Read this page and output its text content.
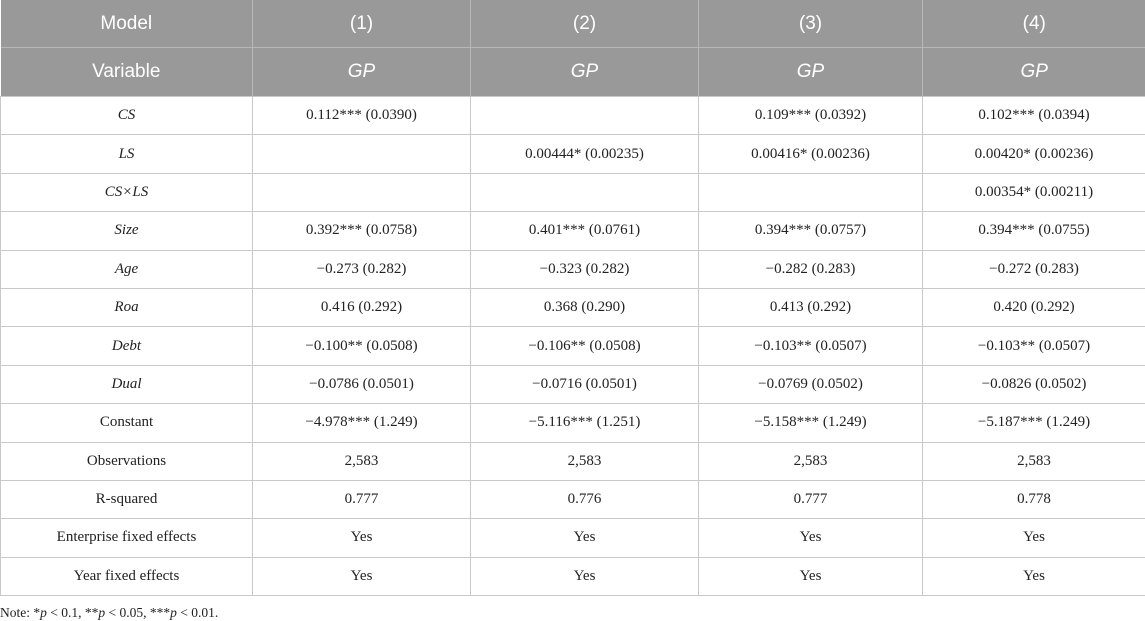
Model	(1)	(2)	(3)	(4)
Variable	GP	GP	GP	GP
CS	0.112*** (0.0390)		0.109*** (0.0392)	0.102*** (0.0394)
LS		0.00444* (0.00235)	0.00416* (0.00236)	0.00420* (0.00236)
CS×LS				0.00354* (0.00211)
Size	0.392*** (0.0758)	0.401*** (0.0761)	0.394*** (0.0757)	0.394*** (0.0755)
Age	−0.273 (0.282)	−0.323 (0.282)	−0.282 (0.283)	−0.272 (0.283)
Roa	0.416 (0.292)	0.368 (0.290)	0.413 (0.292)	0.420 (0.292)
Debt	−0.100** (0.0508)	−0.106** (0.0508)	−0.103** (0.0507)	−0.103** (0.0507)
Dual	−0.0786 (0.0501)	−0.0716 (0.0501)	−0.0769 (0.0502)	−0.0826 (0.0502)
Constant	−4.978*** (1.249)	−5.116*** (1.251)	−5.158*** (1.249)	−5.187*** (1.249)
Observations	2,583	2,583	2,583	2,583
R-squared	0.777	0.776	0.777	0.778
Enterprise fixed effects	Yes	Yes	Yes	Yes
Year fixed effects	Yes	Yes	Yes	Yes
Note: *p < 0.1, **p < 0.05, ***p < 0.01.
